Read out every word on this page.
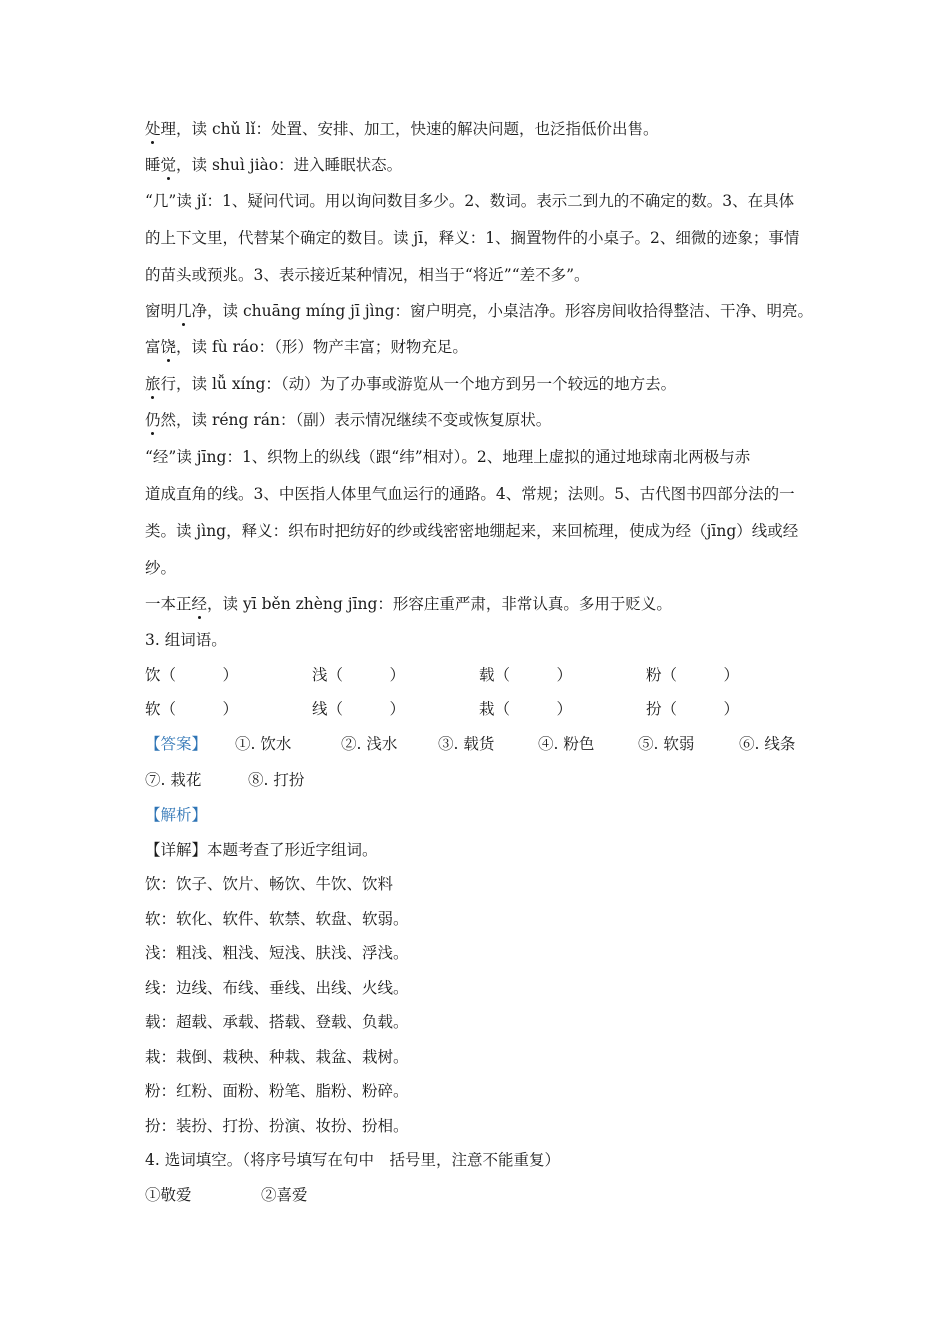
处理，读 chǔ lǐ：处置、安排、加工，快速的解决问题，也泛指低价出售。
睡觉，读 shuì jiào：进入睡眠状态。
“几”读 jǐ：1、疑问代词。用以询问数目多少。2、数词。表示二到九的不确定的数。3、在具体
的上下文里，代替某个确定的数目。读 jī，释义：1、搁置物件的小桌子。2、细微的迹象；事情
的苗头或预兆。3、表示接近某种情况，相当于“将近”“差不多”。
窗明几净，读 chuāng míng jī jìng：窗户明亮，小桌洁净。形容房间收拾得整洁、干净、明亮。
富饶，读 fù ráo：（形）物产丰富；财物充足。
旅行，读 lǚ xíng：（动）为了办事或游览从一个地方到另一个较远的地方去。
仍然，读 réng rán：（副）表示情况继续不变或恢复原状。
“经”读 jīng：1、织物上的纵线（跟“纬”相对）。2、地理上虚拟的通过地球南北两极与赤
道成直角的线。3、中医指人体里气血运行的通路。4、常规；法则。5、古代图书四部分法的一
类。读 jìng，释义：织布时把纺好的纱或线密密地绷起来，来回梳理，使成为经（jīng）线或经
纱。
一本正经，读 yī běn zhèng jīng：形容庄重严肃，非常认真。多用于贬义。
3. 组词语。
饮（　　　）	浅（　　　）	载（　　　）	粉（　　　）
软（　　　）	线（　　　）	栽（　　　）	扮（　　　）
【答案】 ①. 饮水	②. 浅水	③. 载货	④. 粉色	⑤. 软弱	⑥. 线条
⑦. 栽花	⑧. 打扮
【解析】
【详解】本题考查了形近字组词。
饮：饮子、饮片、畅饮、牛饮、饮料
软：软化、软件、软禁、软盘、软弱。
浅：粗浅、粗浅、短浅、肤浅、浮浅。
线：边线、布线、垂线、出线、火线。
载：超载、承载、搭载、登载、负载。
栽：栽倒、栽秧、种栽、栽盆、栽树。
粉：红粉、面粉、粉笔、脂粉、粉碎。
扮：装扮、打扮、扮演、妆扮、扮相。
4. 选词填空。（将序号填写在句中　括号里，注意不能重复）
①敬爱	②喜爱
